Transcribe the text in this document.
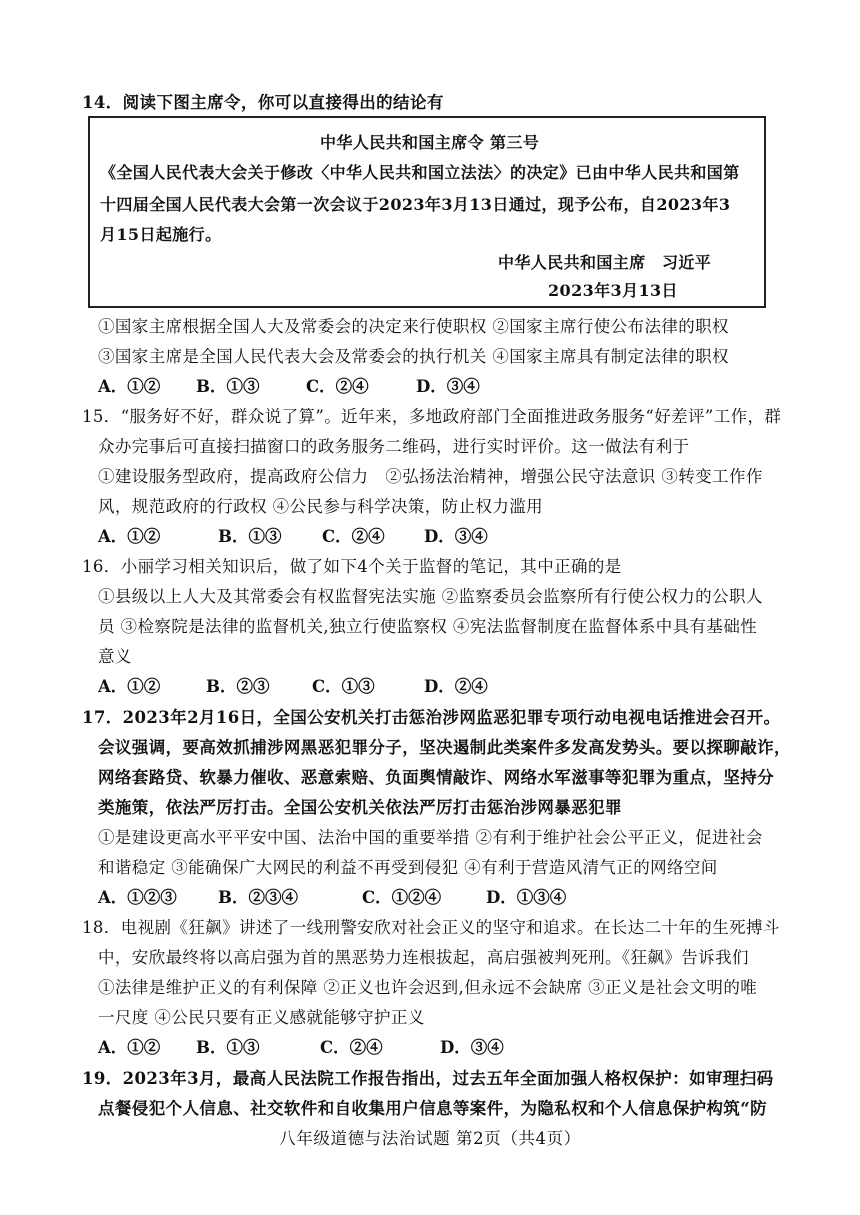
14．阅读下图主席令，你可以直接得出的结论有
中华人民共和国主席令 第三号
《全国人民代表大会关于修改〈中华人民共和国立法法〉的决定》已由中华人民共和国第
十四届全国人民代表大会第一次会议于2023年3月13日通过，现予公布，自2023年3
月15日起施行。
中华人民共和国主席　习近平
2023年3月13日
①国家主席根据全国人大及常委会的决定来行使职权 ②国家主席行使公布法律的职权
③国家主席是全国人民代表大会及常委会的执行机关 ④国家主席具有制定法律的职权
A．①② B．①③	C．②④	D．③④
15．“服务好不好，群众说了算”。近年来，多地政府部门全面推进政务服务“好差评”工作，群
众办完事后可直接扫描窗口的政务服务二维码，进行实时评价。这一做法有利于
①建设服务型政府，提高政府公信力　②弘扬法治精神，增强公民守法意识 ③转变工作作
风，规范政府的行政权 ④公民参与科学决策，防止权力滥用
A．①②	B．①③ C．②④ D．③④
16．小丽学习相关知识后，做了如下4个关于监督的笔记，其中正确的是
①县级以上人大及其常委会有权监督宪法实施 ②监察委员会监察所有行使公权力的公职人
员 ③检察院是法律的监督机关,独立行使监察权 ④宪法监督制度在监督体系中具有基础性
意义
A．①②	B．②③	C．①③	D．②④
17．2023年2月16日，全国公安机关打击惩治涉网监恶犯罪专项行动电视电话推进会召开。
会议强调，要高效抓捕涉网黑恶犯罪分子，坚决遏制此类案件多发高发势头。要以探聊敲诈，
网络套路贷、软暴力催收、恶意索赔、负面舆情敲诈、网络水军滋事等犯罪为重点，坚持分
类施策，依法严厉打击。全国公安机关依法严厉打击惩治涉网暴恶犯罪
①是建设更高水平平安中国、法治中国的重要举措 ②有利于维护社会公平正义，促进社会
和谐稳定 ③能确保广大网民的利益不再受到侵犯 ④有利于营造风清气正的网络空间
A．①②③ B．②③④	C．①②④	D．①③④
18．电视剧《狂飙》讲述了一线刑警安欣对社会正义的坚守和追求。在长达二十年的生死搏斗
中，安欣最终将以高启强为首的黑恶势力连根拔起，高启强被判死刑。《狂飙》告诉我们
①法律是维护正义的有利保障 ②正义也许会迟到,但永远不会缺席 ③正义是社会文明的唯
一尺度 ④公民只要有正义感就能够守护正义
A．①② B．①③	C．②④	D．③④
19．2023年3月，最高人民法院工作报告指出，过去五年全面加强人格权保护：如审理扫码
点餐侵犯个人信息、社交软件和自收集用户信息等案件，为隐私权和个人信息保护构筑“防
八年级道德与法治试题 第2页（共4页）
